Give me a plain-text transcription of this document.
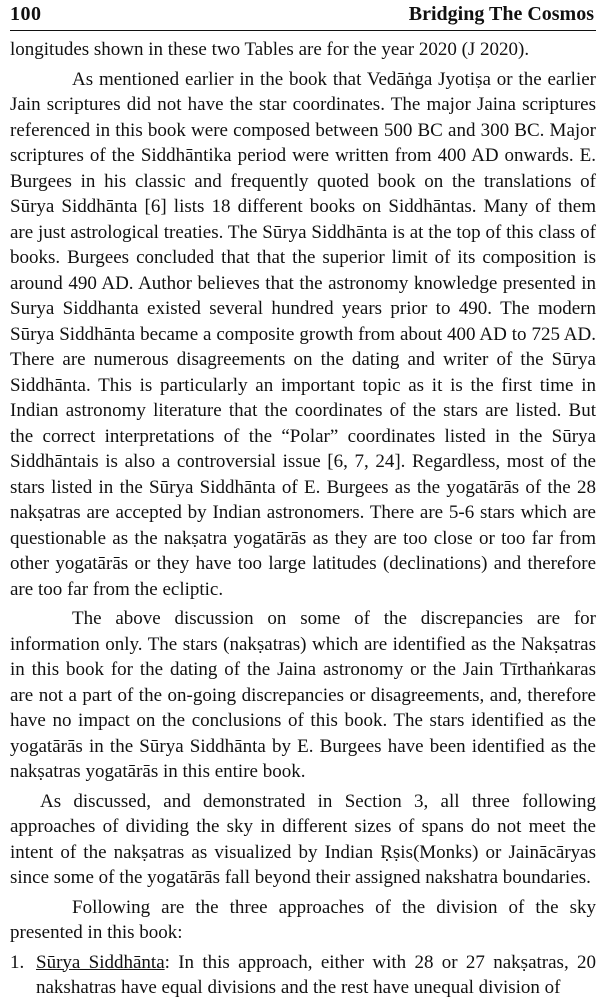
100	Bridging The Cosmos

longitudes shown in these two Tables are for the year 2020 (J 2020).

As mentioned earlier in the book that Vedāṅga Jyotiṣa or the earlier Jain scriptures did not have the star coordinates. The major Jaina scriptures referenced in this book were composed between 500 BC and 300 BC. Major scriptures of the Siddhāntika period were written from 400 AD onwards. E. Burgees in his classic and frequently quoted book on the translations of Sūrya Siddhānta [6] lists 18 different books on Siddhāntas. Many of them are just astrological treaties. The Sūrya Siddhānta is at the top of this class of books. Burgees concluded that that the superior limit of its composition is around 490 AD. Author believes that the astronomy knowledge presented in Surya Siddhanta existed several hundred years prior to 490. The modern Sūrya Siddhānta became a composite growth from about 400 AD to 725 AD. There are numerous disagreements on the dating and writer of the Sūrya Siddhānta. This is particularly an important topic as it is the first time in Indian astronomy literature that the coordinates of the stars are listed. But the correct interpretations of the “Polar” coordinates listed in the Sūrya Siddhāntais is also a controversial issue [6, 7, 24]. Regardless, most of the stars listed in the Sūrya Siddhānta of E. Burgees as the yogatārās of the 28 nakṣatras are accepted by Indian astronomers. There are 5-6 stars which are questionable as the nakṣatra yogatārās as they are too close or too far from other yogatārās or they have too large latitudes (declinations) and therefore are too far from the ecliptic.

The above discussion on some of the discrepancies are for information only. The stars (nakṣatras) which are identified as the Nakṣatras in this book for the dating of the Jaina astronomy or the Jain Tīrthaṅkaras are not a part of the on-going discrepancies or disagreements, and, therefore have no impact on the conclusions of this book. The stars identified as the yogatārās in the Sūrya Siddhānta by E. Burgees have been identified as the nakṣatras yogatārās in this entire book.

As discussed, and demonstrated in Section 3, all three following approaches of dividing the sky in different sizes of spans do not meet the intent of the nakṣatras as visualized by Indian Ṛṣis(Monks) or Jainācāryas since some of the yogatārās fall beyond their assigned nakshatra boundaries.

Following are the three approaches of the division of the sky presented in this book:

1. Sūrya Siddhānta: In this approach, either with 28 or 27 nakṣatras, 20 nakshatras have equal divisions and the rest have unequal division of
